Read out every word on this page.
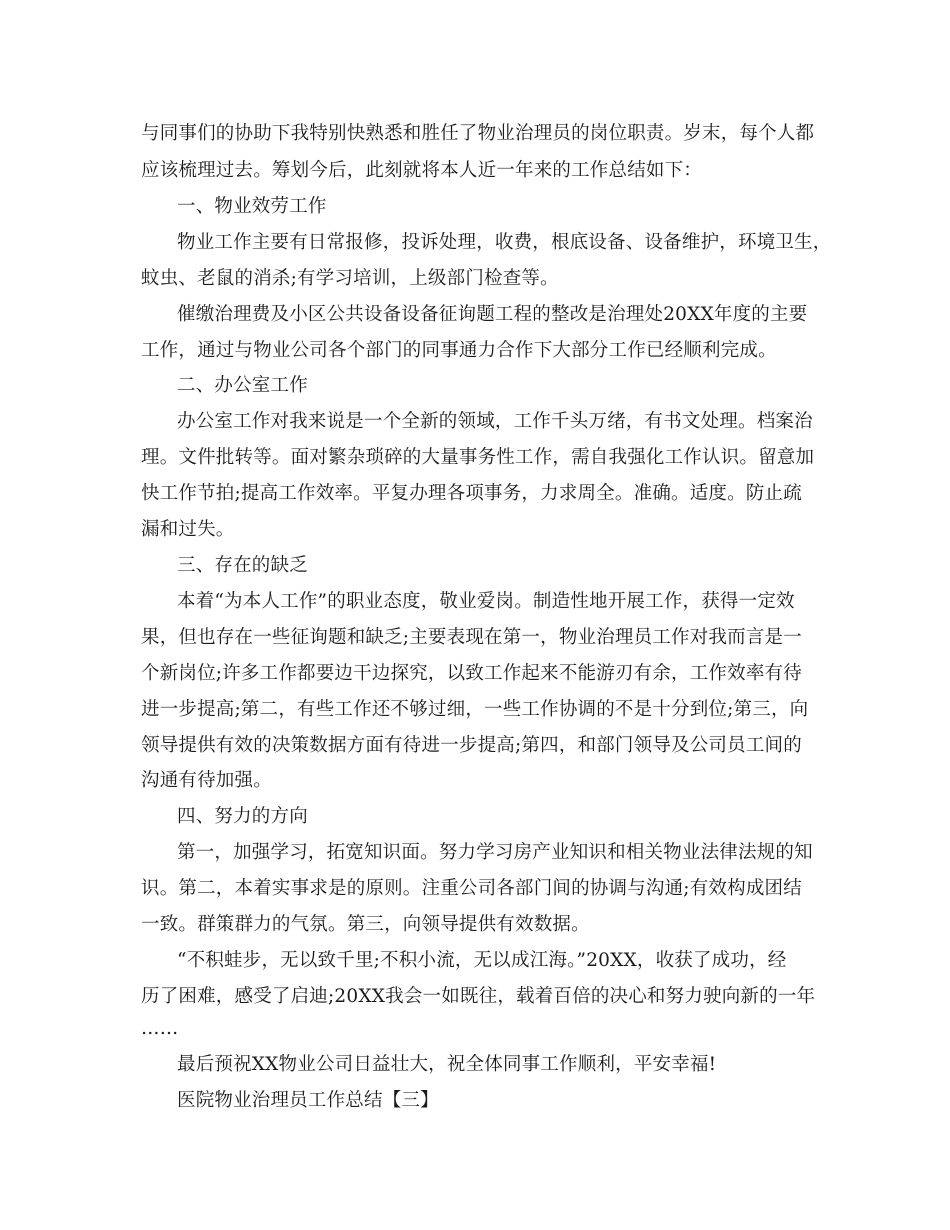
与同事们的协助下我特别快熟悉和胜任了物业治理员的岗位职责。岁末，每个人都
应该梳理过去。筹划今后，此刻就将本人近一年来的工作总结如下：
一、物业效劳工作
物业工作主要有日常报修，投诉处理，收费，根底设备、设备维护，环境卫生，
蚊虫、老鼠的消杀;有学习培训，上级部门检查等。
催缴治理费及小区公共设备设备征询题工程的整改是治理处20XX年度的主要
工作，通过与物业公司各个部门的同事通力合作下大部分工作已经顺利完成。
二、办公室工作
办公室工作对我来说是一个全新的领域，工作千头万绪，有书文处理。档案治
理。文件批转等。面对繁杂琐碎的大量事务性工作，需自我强化工作认识。留意加
快工作节拍;提高工作效率。平复办理各项事务，力求周全。准确。适度。防止疏
漏和过失。
三、存在的缺乏
本着“为本人工作”的职业态度，敬业爱岗。制造性地开展工作，获得一定效
果，但也存在一些征询题和缺乏;主要表现在第一，物业治理员工作对我而言是一
个新岗位;许多工作都要边干边探究，以致工作起来不能游刃有余，工作效率有待
进一步提高;第二，有些工作还不够过细，一些工作协调的不是十分到位;第三，向
领导提供有效的决策数据方面有待进一步提高;第四，和部门领导及公司员工间的
沟通有待加强。
四、努力的方向
第一，加强学习，拓宽知识面。努力学习房产业知识和相关物业法律法规的知
识。第二，本着实事求是的原则。注重公司各部门间的协调与沟通;有效构成团结
一致。群策群力的气氛。第三，向领导提供有效数据。
“不积蛙步，无以致千里;不积小流，无以成江海。”20XX，收获了成功，经
历了困难，感受了启迪;20XX我会一如既往，载着百倍的决心和努力驶向新的一年
……
最后预祝XX物业公司日益壮大，祝全体同事工作顺利，平安幸福!
医院物业治理员工作总结【三】
